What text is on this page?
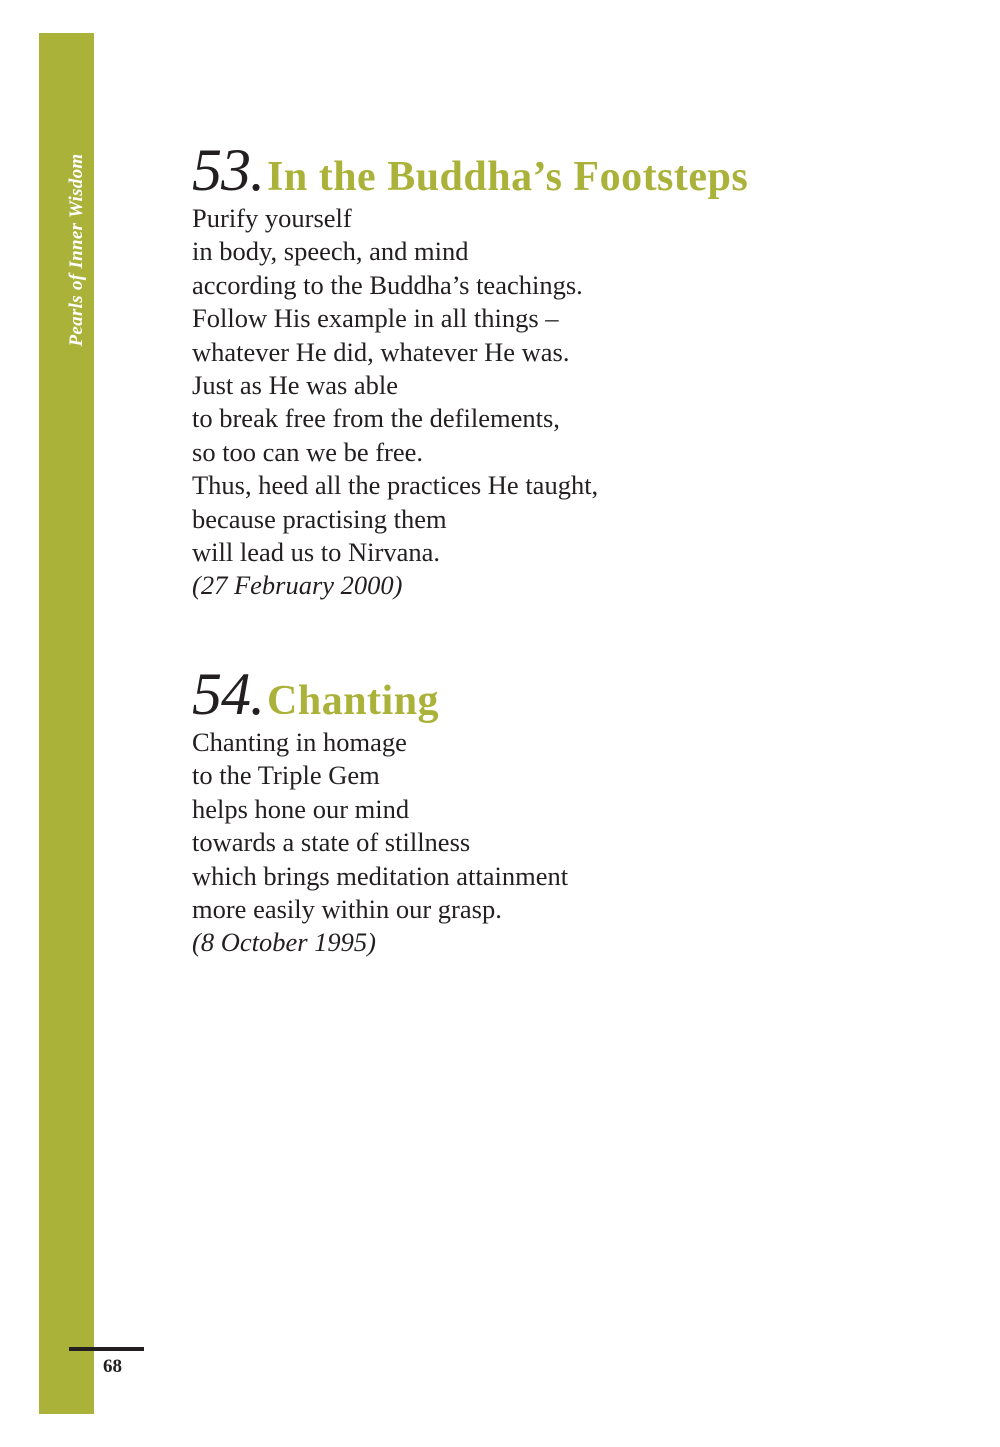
Pearls of Inner Wisdom 53. In the Buddha’s Footsteps
Purify yourself
in body, speech, and mind
according to the Buddha’s teachings.
Follow His example in all things –
whatever He did, whatever He was.
Just as He was able
to break free from the defilements,
so too can we be free.
Thus, heed all the practices He taught,
because practising them
will lead us to Nirvana.
(27 February 2000)
54. Chanting
Chanting in homage
to the Triple Gem
helps hone our mind
towards a state of stillness
which brings meditation attainment
more easily within our grasp.
(8 October 1995)
68
